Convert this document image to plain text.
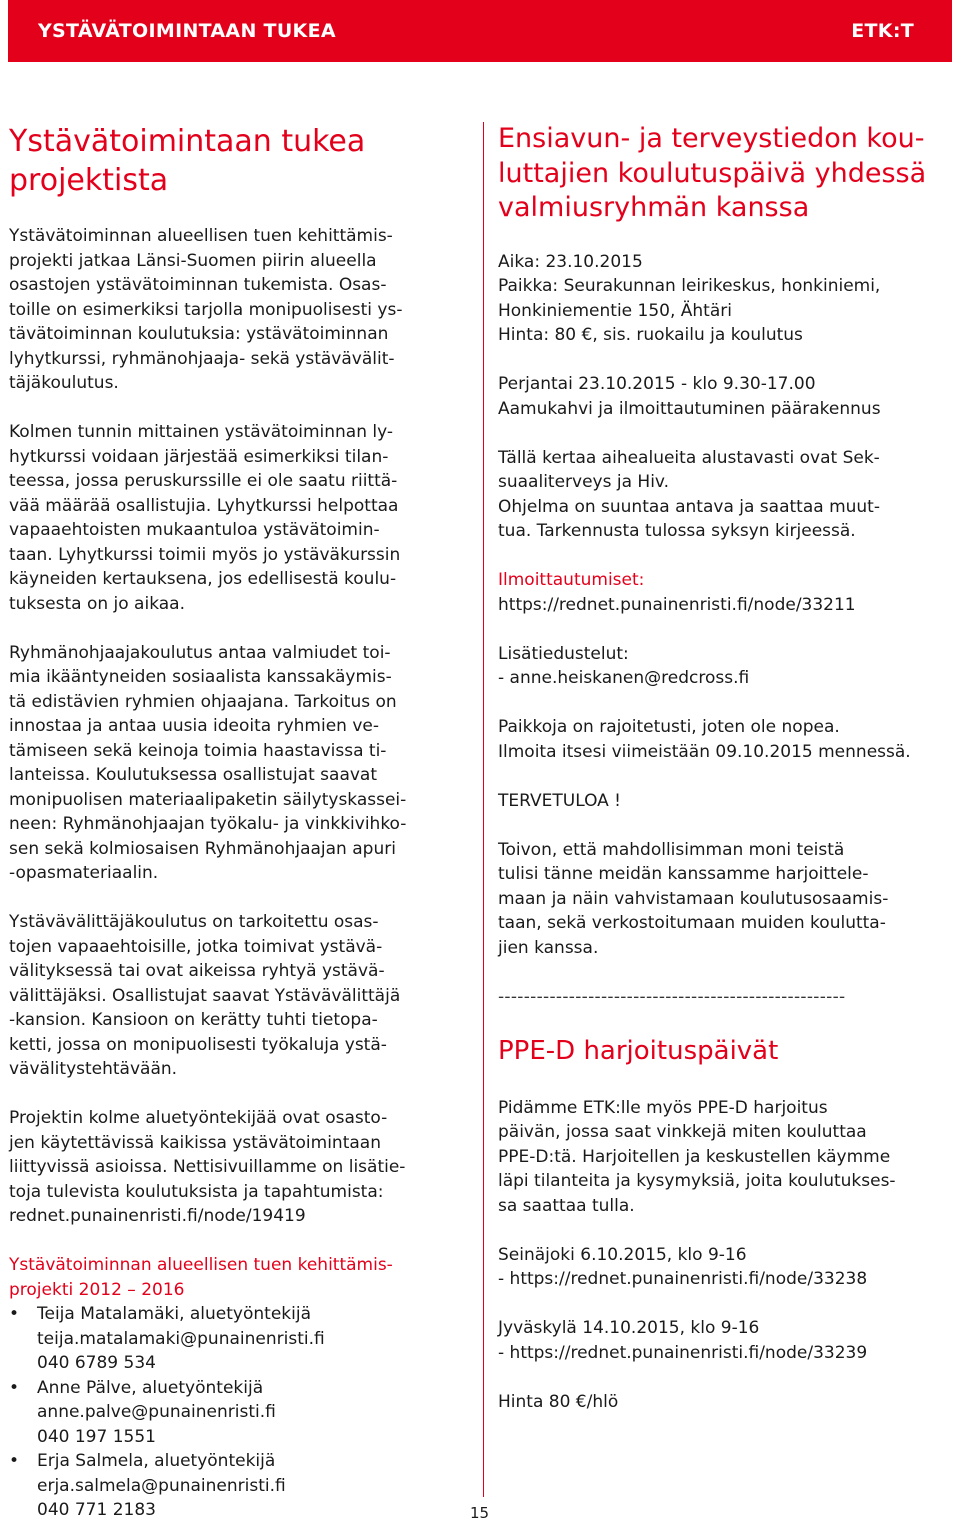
YSTÄVÄTOIMINTAAN TUKEA	ETK:T
Ystävätoimintaan tukea
projektista

Ystävätoiminnan alueellisen tuen kehittämis-
projekti jatkaa Länsi-Suomen piirin alueella
osastojen ystävätoiminnan tukemista. Osas-
toille on esimerkiksi tarjolla monipuolisesti ys-
tävätoiminnan koulutuksia: ystävätoiminnan
lyhytkurssi, ryhmänohjaaja- sekä ystävävälit-
täjäkoulutus.

Kolmen tunnin mittainen ystävätoiminnan ly-
hytkurssi voidaan järjestää esimerkiksi tilan-
teessa, jossa peruskurssille ei ole saatu riittä-
vää määrää osallistujia. Lyhytkurssi helpottaa
vapaaehtoisten mukaantuloa ystävätoimin-
taan. Lyhytkurssi toimii myös jo ystäväkurssin
käyneiden kertauksena, jos edellisestä koulu-
tuksesta on jo aikaa.

Ryhmänohjaajakoulutus antaa valmiudet toi-
mia ikääntyneiden sosiaalista kanssakäymis-
tä edistävien ryhmien ohjaajana. Tarkoitus on
innostaa ja antaa uusia ideoita ryhmien ve-
tämiseen sekä keinoja toimia haastavissa ti-
lanteissa. Koulutuksessa osallistujat saavat
monipuolisen materiaalipaketin säilytyskassei-
neen: Ryhmänohjaajan työkalu- ja vinkkivihko-
sen sekä kolmiosaisen Ryhmänohjaajan apuri
-opasmateriaalin.

Ystävävälittäjäkoulutus on tarkoitettu osas-
tojen vapaaehtoisille, jotka toimivat ystävä-
välityksessä tai ovat aikeissa ryhtyä ystävä-
välittäjäksi. Osallistujat saavat Ystävävälittäjä
-kansion. Kansioon on kerätty tuhti tietopa-
ketti, jossa on monipuolisesti työkaluja ystä-
vävälitystehtävään.

Projektin kolme aluetyöntekijää ovat osasto-
jen käytettävissä kaikissa ystävätoimintaan
liittyvissä asioissa. Nettisivuillamme on lisätie-
toja tulevista koulutuksista ja tapahtumista:
rednet.punainenristi.fi/node/19419

Ystävätoiminnan alueellisen tuen kehittämis-
projekti 2012 – 2016
• Teija Matalamäki, aluetyöntekijä
teija.matalamaki@punainenristi.fi
040 6789 534
• Anne Pälve, aluetyöntekijä
anne.palve@punainenristi.fi
040 197 1551
• Erja Salmela, aluetyöntekijä
erja.salmela@punainenristi.fi
040 771 2183
Ensiavun- ja terveystiedon kou-
luttajien koulutuspäivä yhdessä
valmiusryhmän kanssa

Aika: 23.10.2015
Paikka: Seurakunnan leirikeskus, honkiniemi,
Honkiniementie 150, Ähtäri
Hinta: 80 €, sis. ruokailu ja koulutus

Perjantai 23.10.2015 - klo 9.30-17.00
Aamukahvi ja ilmoittautuminen päärakennus

Tällä kertaa aihealueita alustavasti ovat Sek-
suaaliterveys ja Hiv.
Ohjelma on suuntaa antava ja saattaa muut-
tua. Tarkennusta tulossa syksyn kirjeessä.

Ilmoittautumiset:
https://rednet.punainenristi.fi/node/33211

Lisätiedustelut:
- anne.heiskanen@redcross.fi

Paikkoja on rajoitetusti, joten ole nopea.
Ilmoita itsesi viimeistään 09.10.2015 mennessä.

TERVETULOA !

Toivon, että mahdollisimman moni teistä
tulisi tänne meidän kanssamme harjoittele-
maan ja näin vahvistamaan koulutusosaamis-
taan, sekä verkostoitumaan muiden koulutta-
jien kanssa.

------------------------------------------------------
PPE-D harjoituspäivät

Pidämme ETK:lle myös PPE-D harjoitus
päivän, jossa saat vinkkejä miten kouluttaa
PPE-D:tä. Harjoitellen ja keskustellen käymme
läpi tilanteita ja kysymyksiä, joita koulutukses-
sa saattaa tulla.

Seinäjoki 6.10.2015, klo 9-16
- https://rednet.punainenristi.fi/node/33238

Jyväskylä 14.10.2015, klo 9-16
- https://rednet.punainenristi.fi/node/33239

Hinta 80 €/hlö

15
